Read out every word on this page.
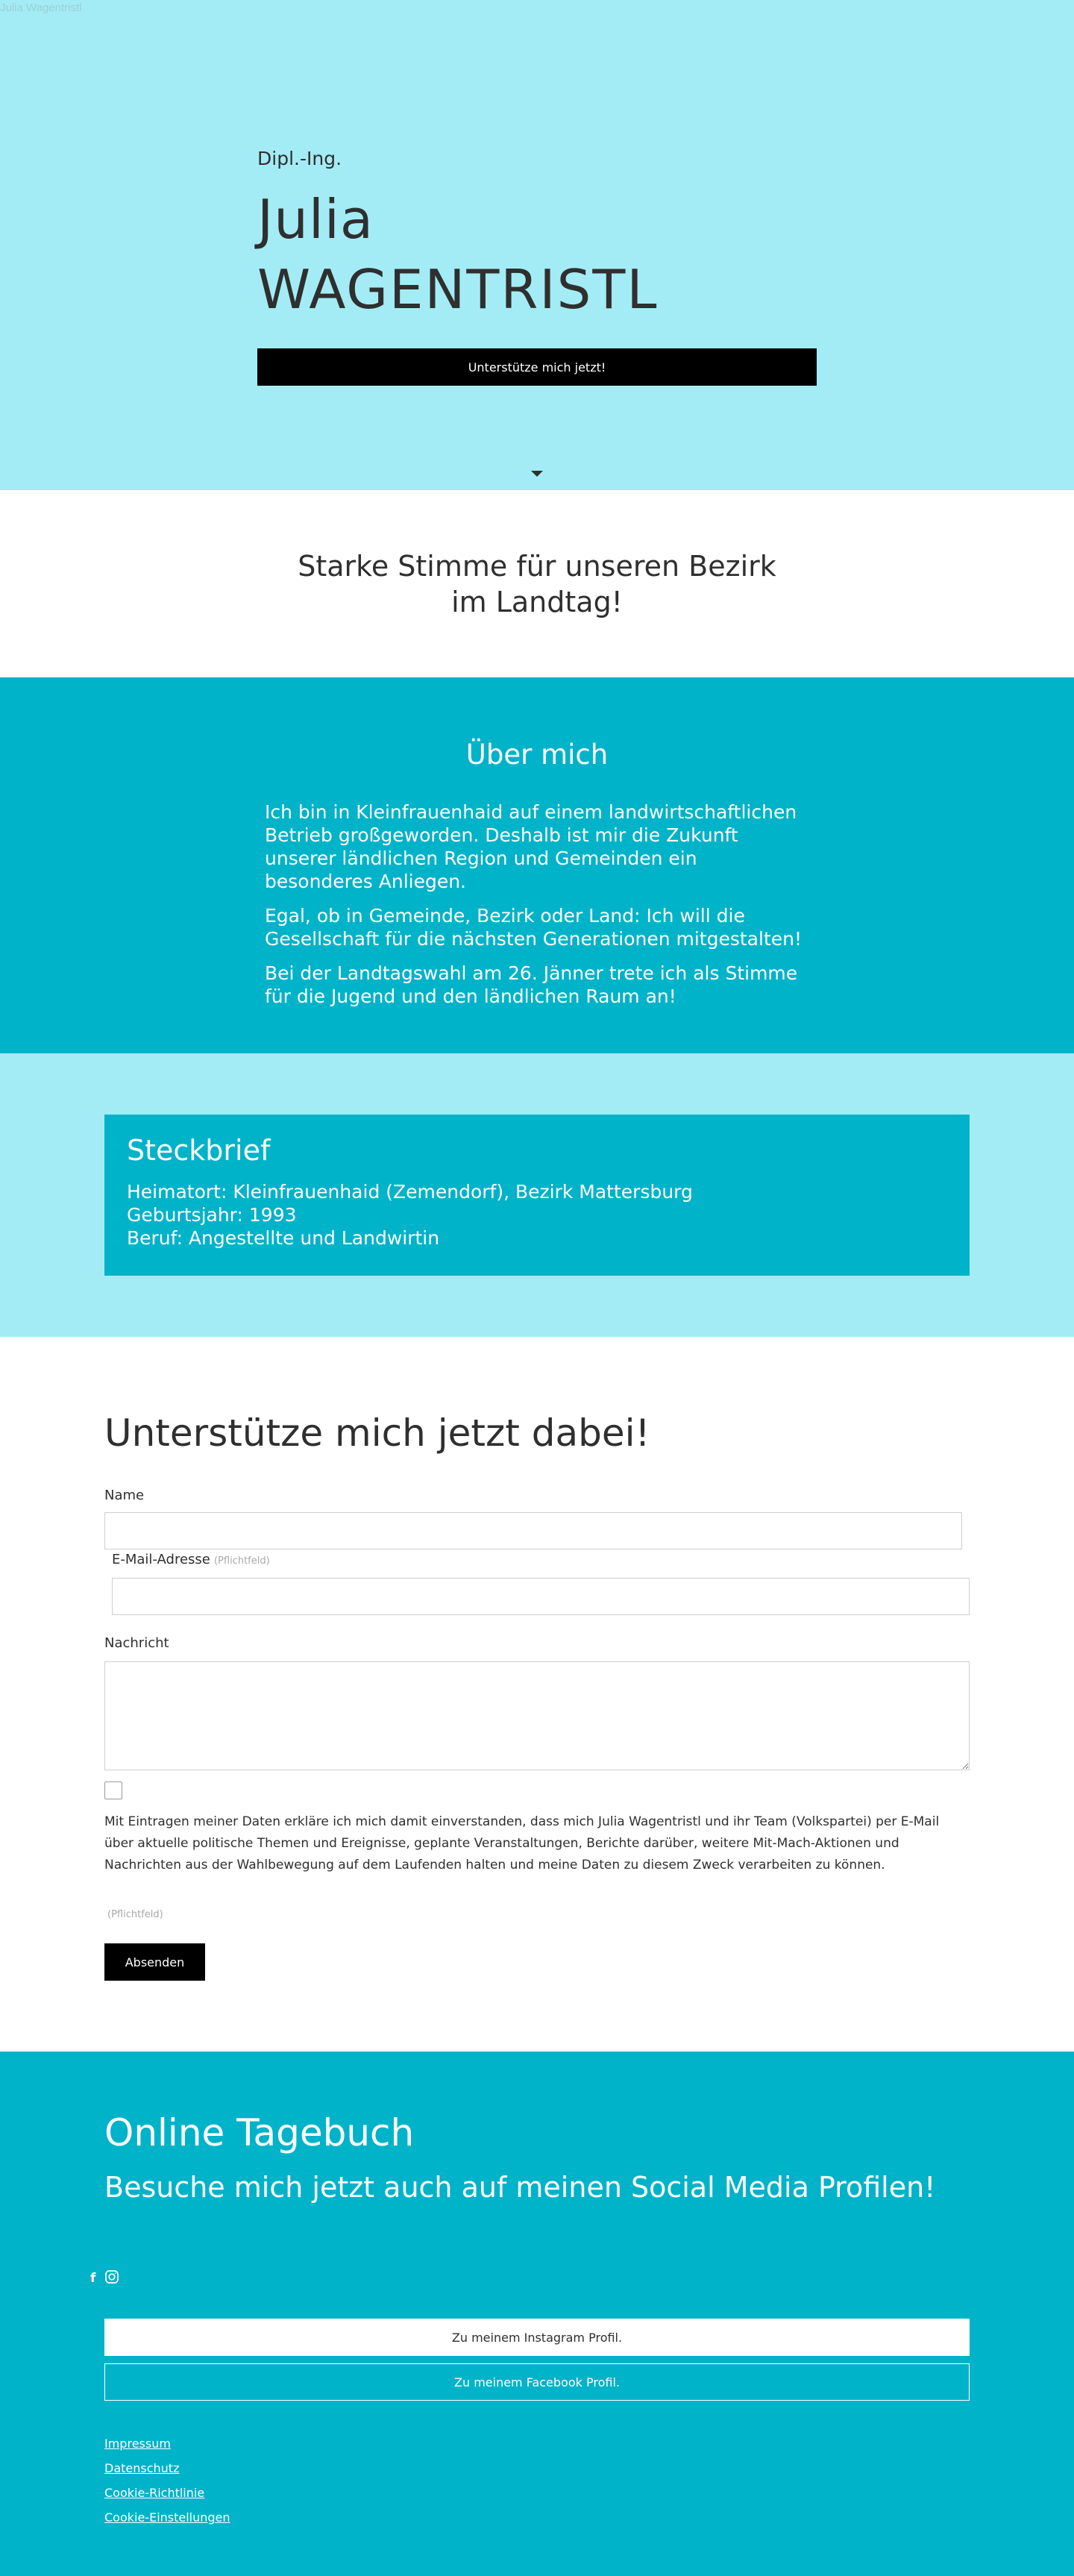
Julia Wagentristl
Dipl.-Ing.
Julia
WAGENTRISTL
Unterstütze mich jetzt!
Starke Stimme für unseren Bezirk im Landtag!
Über mich

Ich bin in Kleinfrauenhaid auf einem landwirtschaftlichen Betrieb großgeworden. Deshalb ist mir die Zukunft unserer ländlichen Region und Gemeinden ein besonderes Anliegen.

Egal, ob in Gemeinde, Bezirk oder Land: Ich will die Gesellschaft für die nächsten Generationen mitgestalten!

Bei der Landtagswahl am 26. Jänner trete ich als Stimme für die Jugend und den ländlichen Raum an!

Steckbrief
Heimatort: Kleinfrauenhaid (Zemendorf), Bezirk Mattersburg
Geburtsjahr: 1993
Beruf: Angestellte und Landwirtin
Unterstütze mich jetzt dabei!
Name
E-Mail-Adresse (Pflichtfeld)
Nachricht

Mit Eintragen meiner Daten erkläre ich mich damit einverstanden, dass mich Julia Wagentristl und ihr Team (Volkspartei) per E-Mail über aktuelle politische Themen und Ereignisse, geplante Veranstaltungen, Berichte darüber, weitere Mit-Mach-Aktionen und Nachrichten aus der Wahlbewegung auf dem Laufenden halten und meine Daten zu diesem Zweck verarbeiten zu können.

(Pflichtfeld)
Absenden
Online Tagebuch
Besuche mich jetzt auch auf meinen Social Media Profilen!
f
Zu meinem Instagram Profil.
Zu meinem Facebook Profil.
Impressum
Datenschutz
Cookie-Richtlinie
Cookie-Einstellungen
